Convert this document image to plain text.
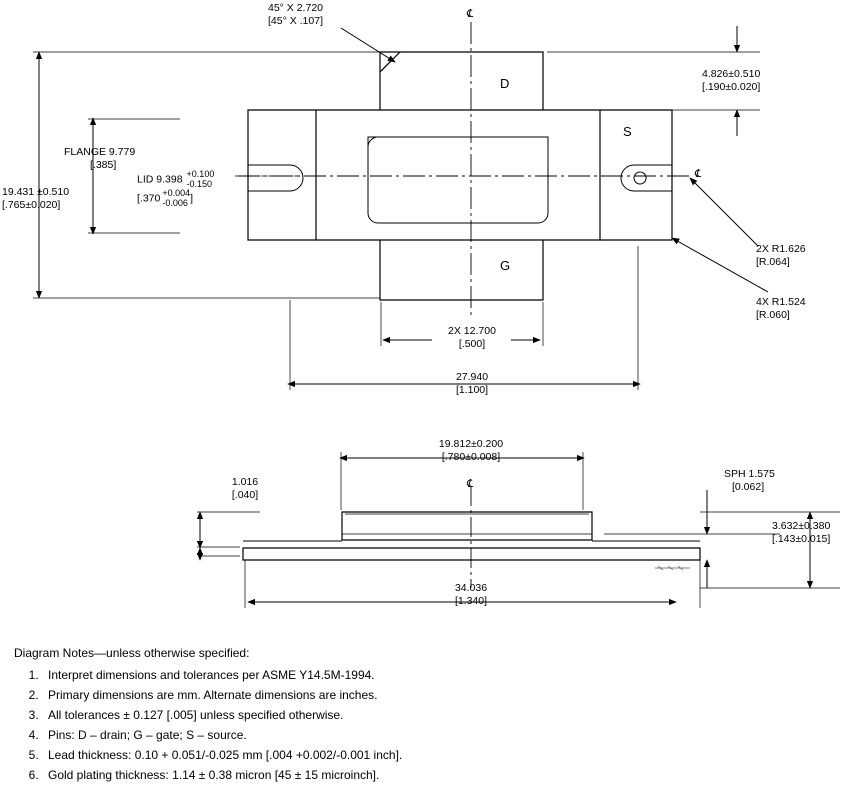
45° X 2.720
[45° X .107]
℄
D
G
S
℄
4.826±0.510
[.190±0.020]
FLANGE 9.779
[.385]
LID 9.398 +0.100
-0.150

[.370 +0.004
-0.006 ]
19.431 ±0.510
[.765±0.020]
2X R1.626
[R.064]
4X R1.524
[R.060]
2X 12.700
[.500]
27.940
[1.100]
19.812±0.200
[.780±0.008]
℄
1.016
[.040]
SPH 1.575
[0.062]
3.632±0.380
[.143±0.015]
34.036
[1.340]
Diagram Notes—unless otherwise specified:
1. Interpret dimensions and tolerances per ASME Y14.5M-1994.
2. Primary dimensions are mm. Alternate dimensions are inches.
3. All tolerances ± 0.127 [.005] unless specified otherwise.
4. Pins: D – drain; G – gate; S – source.
5. Lead thickness: 0.10 + 0.051/-0.025 mm [.004 +0.002/-0.001 inch].
6. Gold plating thickness: 1.14 ± 0.38 micron [45 ± 15 microinch].
